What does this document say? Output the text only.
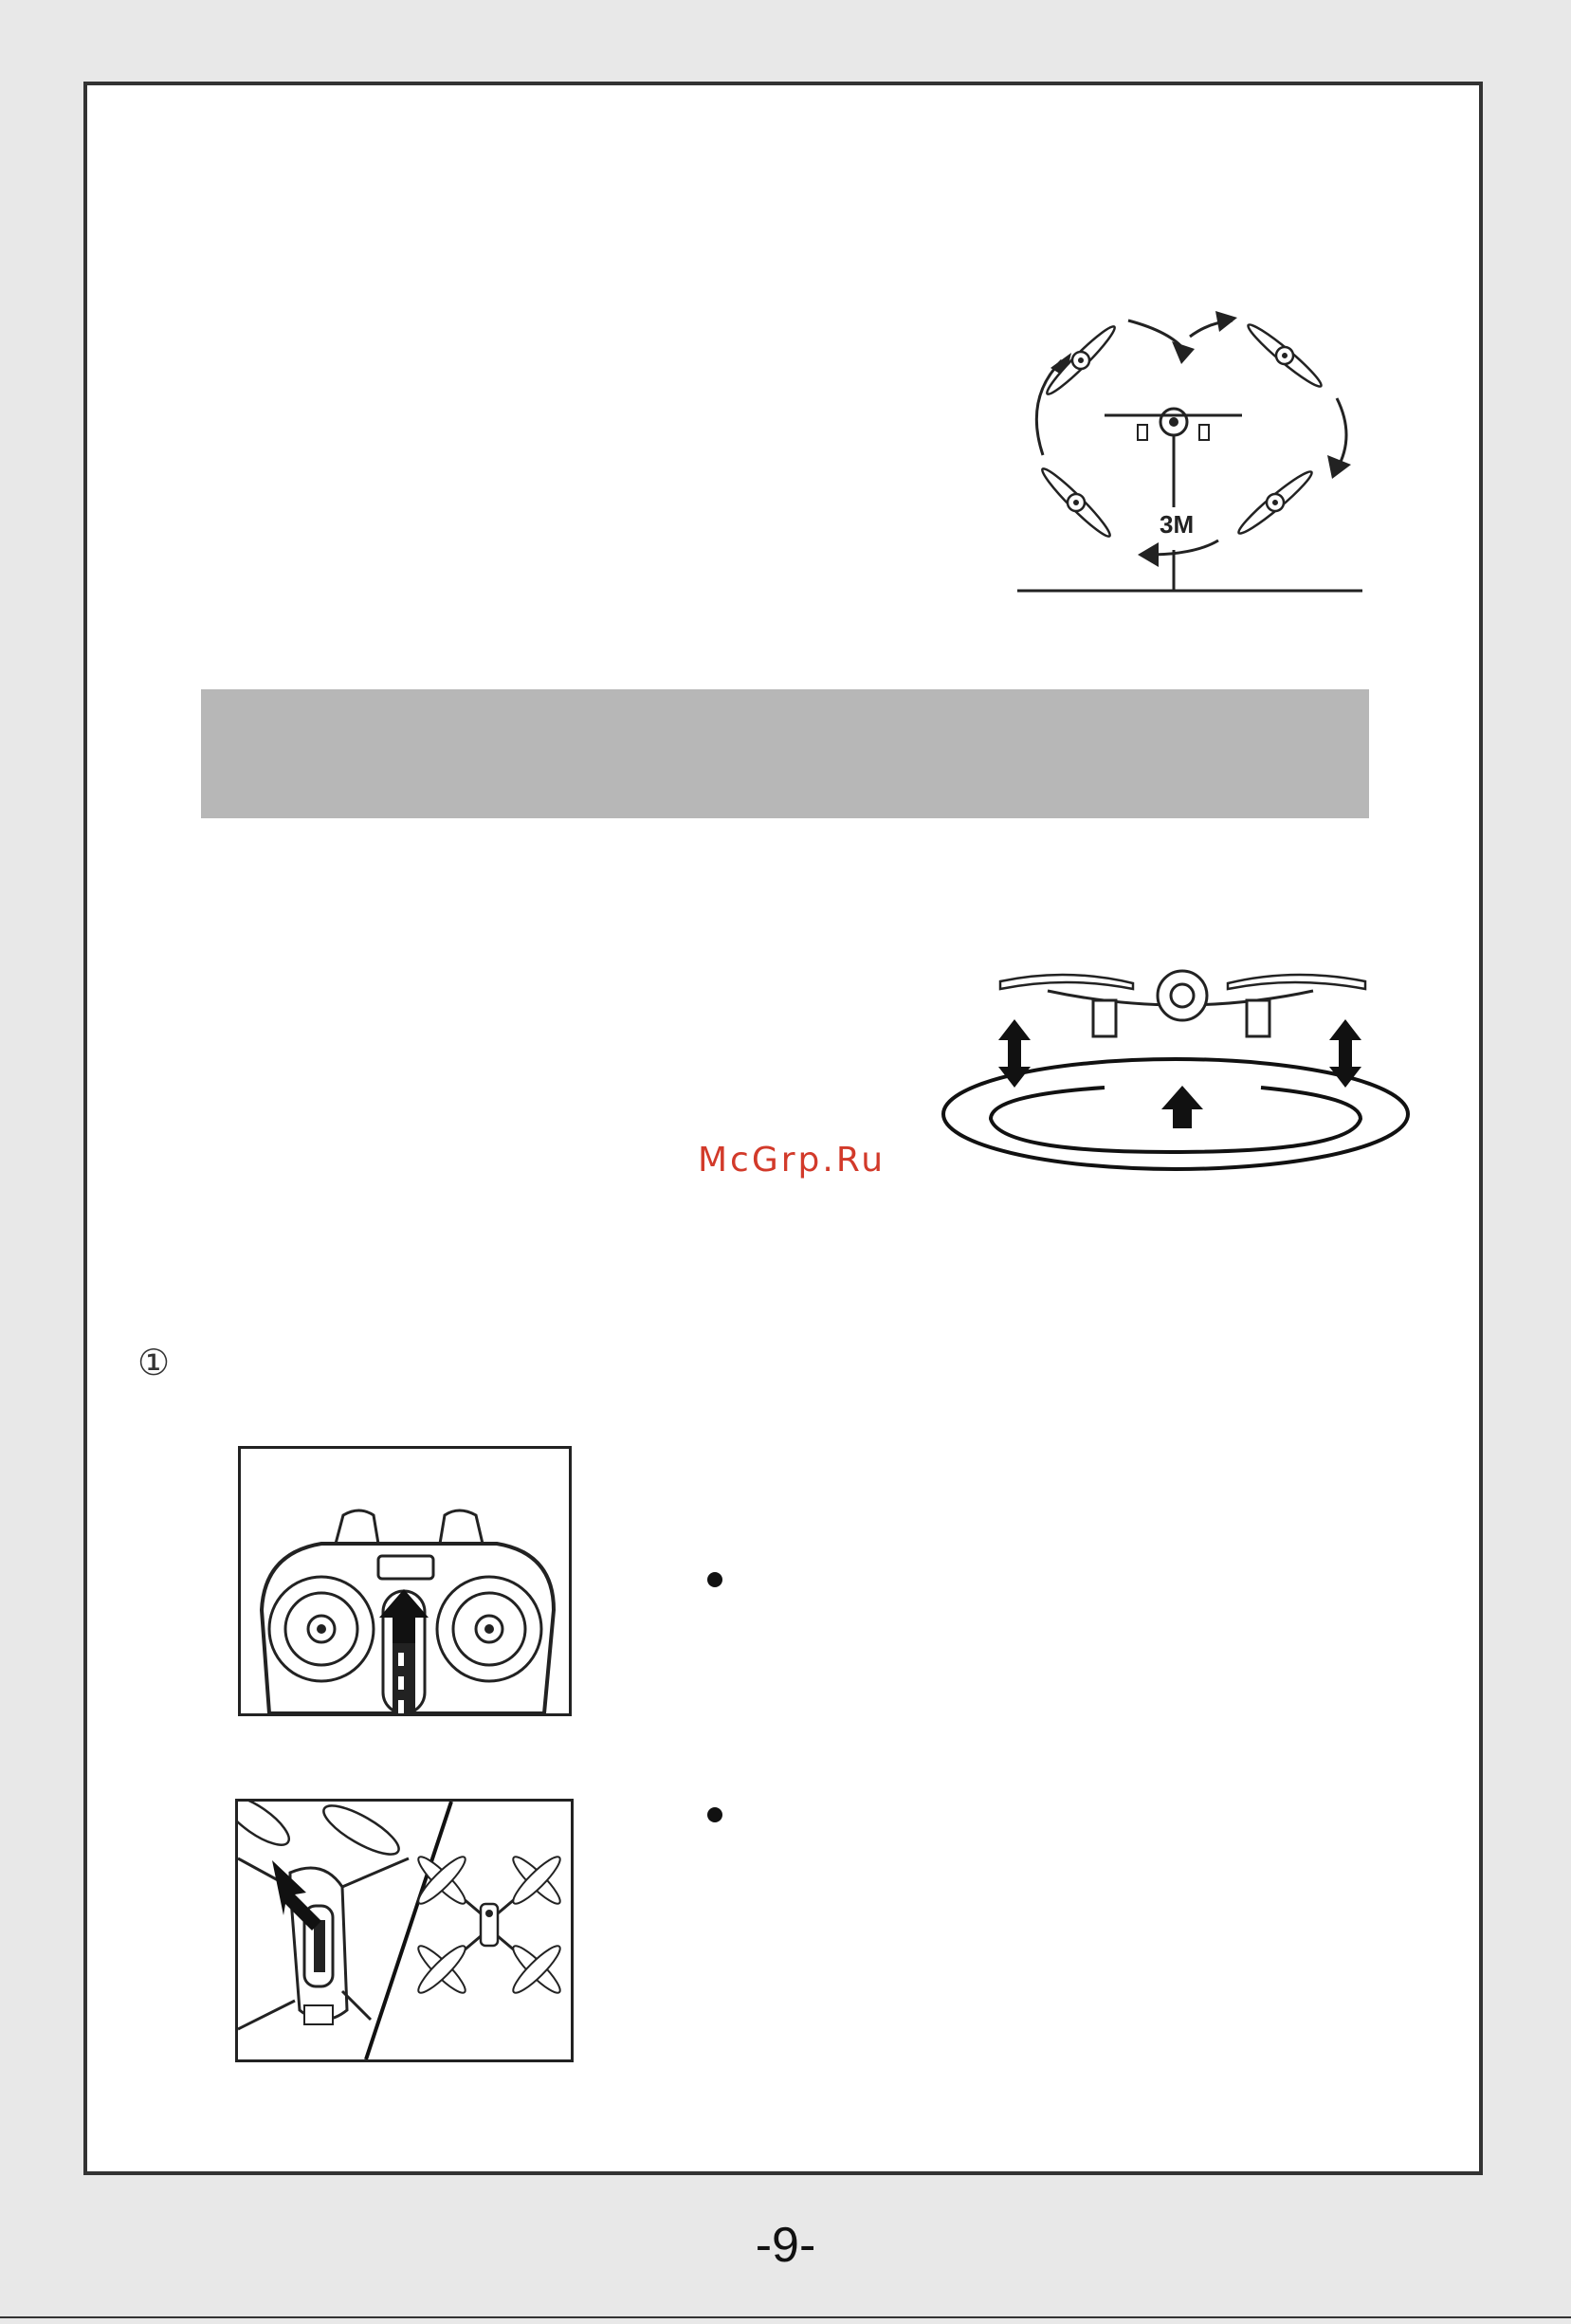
3M
McGrp.Ru
①
-9-
